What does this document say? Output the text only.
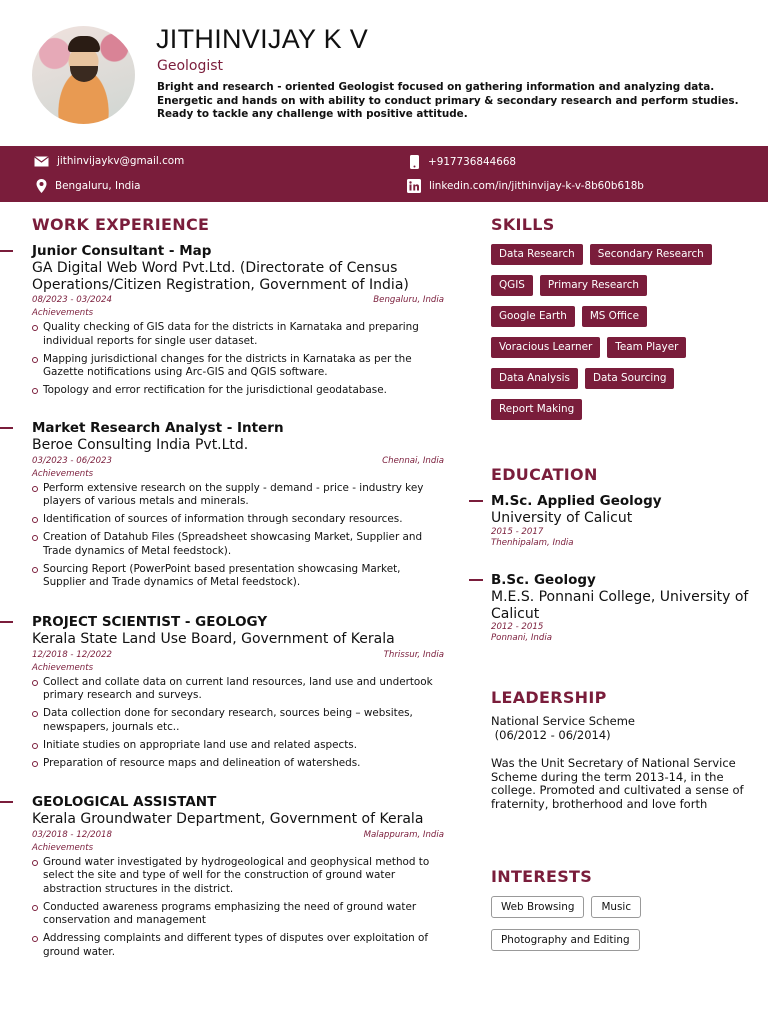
JITHINVIJAY K V
Geologist
Bright and research - oriented Geologist focused on gathering information and analyzing data. Energetic and hands on with ability to conduct primary & secondary research and perform studies. Ready to tackle any challenge with positive attitude.
jithinvijaykv@gmail.com	+917736844668
Bengaluru, India	linkedin.com/in/jithinvijay-k-v-8b60b618b
WORK EXPERIENCE
Junior Consultant - Map
GA Digital Web Word Pvt.Ltd. (Directorate of Census Operations/Citizen Registration, Government of India)
08/2023 - 03/2024	Bengaluru, India
Achievements
Quality checking of GIS data for the districts in Karnataka and preparing individual reports for single user dataset.
Mapping jurisdictional changes for the districts in Karnataka as per the Gazette notifications using Arc-GIS and QGIS software.
Topology and error rectification for the jurisdictional geodatabase.
Market Research Analyst - Intern
Beroe Consulting India Pvt.Ltd.
03/2023 - 06/2023	Chennai, India
Achievements
Perform extensive research on the supply - demand - price - industry key players of various metals and minerals.
Identification of sources of information through secondary resources.
Creation of Datahub Files (Spreadsheet showcasing Market, Supplier and Trade dynamics of Metal feedstock).
Sourcing Report (PowerPoint based presentation showcasing Market, Supplier and Trade dynamics of Metal feedstock).
PROJECT SCIENTIST - GEOLOGY
Kerala State Land Use Board, Government of Kerala
12/2018 - 12/2022	Thrissur, India
Achievements
Collect and collate data on current land resources, land use and undertook primary research and surveys.
Data collection done for secondary research, sources being – websites, newspapers, journals etc..
Initiate studies on appropriate land use and related aspects.
Preparation of resource maps and delineation of watersheds.
GEOLOGICAL ASSISTANT
Kerala Groundwater Department, Government of Kerala
03/2018 - 12/2018	Malappuram, India
Achievements
Ground water investigated by hydrogeological and geophysical method to select the site and type of well for the construction of ground water abstraction structures in the district.
Conducted awareness programs emphasizing the need of ground water conservation and management
Addressing complaints and different types of disputes over exploitation of ground water.
SKILLS
Data Research	Secondary Research
QGIS	Primary Research
Google Earth	MS Office
Voracious Learner	Team Player
Data Analysis	Data Sourcing
Report Making
EDUCATION
M.Sc. Applied Geology
University of Calicut
2015 - 2017
Thenhipalam, India
B.Sc. Geology
M.E.S. Ponnani College, University of Calicut
2012 - 2015
Ponnani, India
LEADERSHIP

National Service Scheme
(06/2012 - 06/2014)

Was the Unit Secretary of National Service Scheme during the term 2013-14, in the college. Promoted and cultivated a sense of fraternity, brotherhood and love forth

INTERESTS
Web Browsing	Music
Photography and Editing
